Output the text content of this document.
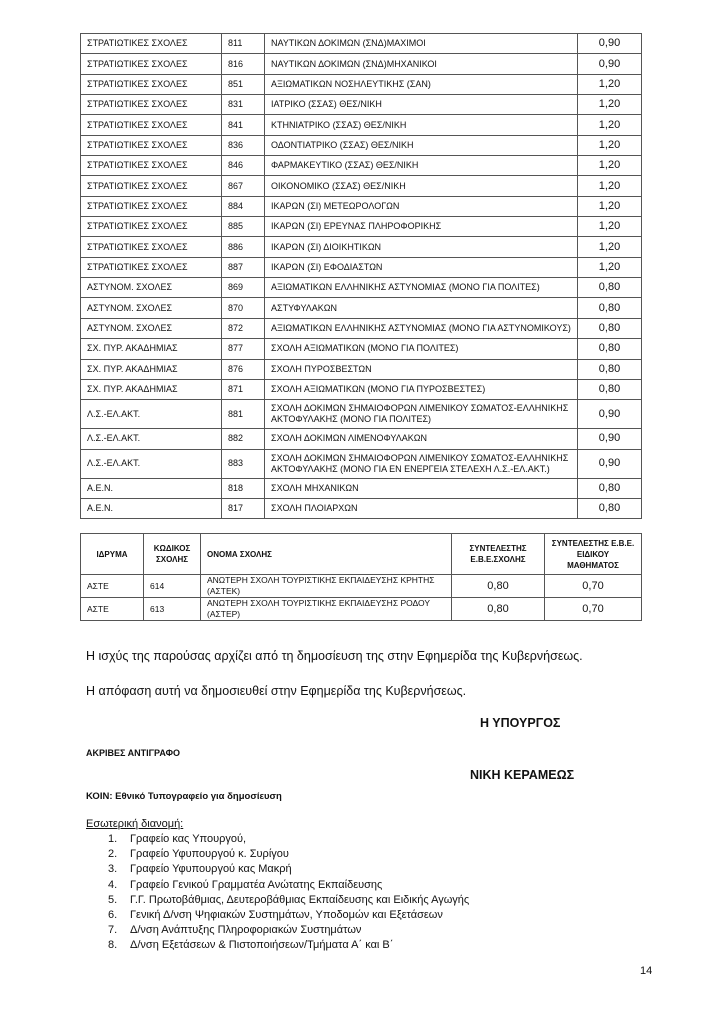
ΣΤΡΑΤΙΩΤΙΚΕΣ ΣΧΟΛΕΣ	811	ΝΑΥΤΙΚΩΝ ΔΟΚΙΜΩΝ (ΣΝΔ)ΜΑΧΙΜΟΙ	0,90
ΣΤΡΑΤΙΩΤΙΚΕΣ ΣΧΟΛΕΣ	816	ΝΑΥΤΙΚΩΝ ΔΟΚΙΜΩΝ (ΣΝΔ)ΜΗΧΑΝΙΚΟΙ	0,90
ΣΤΡΑΤΙΩΤΙΚΕΣ ΣΧΟΛΕΣ	851	ΑΞΙΩΜΑΤΙΚΩΝ ΝΟΣΗΛΕΥΤΙΚΗΣ (ΣΑΝ)	1,20
ΣΤΡΑΤΙΩΤΙΚΕΣ ΣΧΟΛΕΣ	831	ΙΑΤΡΙΚΟ (ΣΣΑΣ) ΘΕΣ/ΝΙΚΗ	1,20
ΣΤΡΑΤΙΩΤΙΚΕΣ ΣΧΟΛΕΣ	841	ΚΤΗΝΙΑΤΡΙΚΟ (ΣΣΑΣ) ΘΕΣ/ΝΙΚΗ	1,20
ΣΤΡΑΤΙΩΤΙΚΕΣ ΣΧΟΛΕΣ	836	ΟΔΟΝΤΙΑΤΡΙΚΟ (ΣΣΑΣ) ΘΕΣ/ΝΙΚΗ	1,20
ΣΤΡΑΤΙΩΤΙΚΕΣ ΣΧΟΛΕΣ	846	ΦΑΡΜΑΚΕΥΤΙΚΟ (ΣΣΑΣ) ΘΕΣ/ΝΙΚΗ	1,20
ΣΤΡΑΤΙΩΤΙΚΕΣ ΣΧΟΛΕΣ	867	ΟΙΚΟΝΟΜΙΚΟ (ΣΣΑΣ) ΘΕΣ/ΝΙΚΗ	1,20
ΣΤΡΑΤΙΩΤΙΚΕΣ ΣΧΟΛΕΣ	884	ΙΚΑΡΩΝ (ΣΙ) ΜΕΤΕΩΡΟΛΟΓΩΝ	1,20
ΣΤΡΑΤΙΩΤΙΚΕΣ ΣΧΟΛΕΣ	885	ΙΚΑΡΩΝ (ΣΙ) ΕΡΕΥΝΑΣ ΠΛΗΡΟΦΟΡΙΚΗΣ	1,20
ΣΤΡΑΤΙΩΤΙΚΕΣ ΣΧΟΛΕΣ	886	ΙΚΑΡΩΝ (ΣΙ) ΔΙΟΙΚΗΤΙΚΩΝ	1,20
ΣΤΡΑΤΙΩΤΙΚΕΣ ΣΧΟΛΕΣ	887	ΙΚΑΡΩΝ (ΣΙ) ΕΦΟΔΙΑΣΤΩΝ	1,20
ΑΣΤΥΝΟΜ. ΣΧΟΛΕΣ	869	ΑΞΙΩΜΑΤΙΚΩΝ ΕΛΛΗΝΙΚΗΣ ΑΣΤΥΝΟΜΙΑΣ (ΜΟΝΟ ΓΙΑ ΠΟΛΙΤΕΣ)	0,80
ΑΣΤΥΝΟΜ. ΣΧΟΛΕΣ	870	ΑΣΤΥΦΥΛΑΚΩΝ	0,80
ΑΣΤΥΝΟΜ. ΣΧΟΛΕΣ	872	ΑΞΙΩΜΑΤΙΚΩΝ ΕΛΛΗΝΙΚΗΣ ΑΣΤΥΝΟΜΙΑΣ (ΜΟΝΟ ΓΙΑ ΑΣΤΥΝΟΜΙΚΟΥΣ)	0,80
ΣΧ. ΠΥΡ. ΑΚΑΔΗΜΙΑΣ	877	ΣΧΟΛΗ ΑΞΙΩΜΑΤΙΚΩΝ (ΜΟΝΟ ΓΙΑ ΠΟΛΙΤΕΣ)	0,80
ΣΧ. ΠΥΡ. ΑΚΑΔΗΜΙΑΣ	876	ΣΧΟΛΗ ΠΥΡΟΣΒΕΣΤΩΝ	0,80
ΣΧ. ΠΥΡ. ΑΚΑΔΗΜΙΑΣ	871	ΣΧΟΛΗ ΑΞΙΩΜΑΤΙΚΩΝ (ΜΟΝΟ ΓΙΑ ΠΥΡΟΣΒΕΣΤΕΣ)	0,80
Λ.Σ.-ΕΛ.ΑΚΤ.	881	ΣΧΟΛΗ ΔΟΚΙΜΩΝ ΣΗΜΑΙΟΦΟΡΩΝ ΛΙΜΕΝΙΚΟΥ ΣΩΜΑΤΟΣ-ΕΛΛΗΝΙΚΗΣ ΑΚΤΟΦΥΛΑΚΗΣ (ΜΟΝΟ ΓΙΑ ΠΟΛΙΤΕΣ)	0,90
Λ.Σ.-ΕΛ.ΑΚΤ.	882	ΣΧΟΛΗ ΔΟΚΙΜΩΝ ΛΙΜΕΝΟΦΥΛΑΚΩΝ	0,90
Λ.Σ.-ΕΛ.ΑΚΤ.	883	ΣΧΟΛΗ ΔΟΚΙΜΩΝ ΣΗΜΑΙΟΦΟΡΩΝ ΛΙΜΕΝΙΚΟΥ ΣΩΜΑΤΟΣ-ΕΛΛΗΝΙΚΗΣ ΑΚΤΟΦΥΛΑΚΗΣ (ΜΟΝΟ ΓΙΑ ΕΝ ΕΝΕΡΓΕΙΑ ΣΤΕΛΕΧΗ Λ.Σ.-ΕΛ.ΑΚΤ.)	0,90
Α.Ε.Ν.	818	ΣΧΟΛΗ ΜΗΧΑΝΙΚΩΝ	0,80
Α.Ε.Ν.	817	ΣΧΟΛΗ ΠΛΟΙΑΡΧΩΝ	0,80
ΙΔΡΥΜΑ	ΚΩΔΙΚΟΣ ΣΧΟΛΗΣ	ΟΝΟΜΑ ΣΧΟΛΗΣ	ΣΥΝΤΕΛΕΣΤΗΣ Ε.Β.Ε.ΣΧΟΛΗΣ	ΣΥΝΤΕΛΕΣΤΗΣ Ε.Β.Ε. ΕΙΔΙΚΟΥ ΜΑΘΗΜΑΤΟΣ
ΑΣΤΕ	614	ΑΝΩΤΕΡΗ ΣΧΟΛΗ ΤΟΥΡΙΣΤΙΚΗΣ ΕΚΠΑΙΔΕΥΣΗΣ ΚΡΗΤΗΣ (ΑΣΤΕΚ)	0,80	0,70
ΑΣΤΕ	613	ΑΝΩΤΕΡΗ ΣΧΟΛΗ ΤΟΥΡΙΣΤΙΚΗΣ ΕΚΠΑΙΔΕΥΣΗΣ ΡΟΔΟΥ (ΑΣΤΕΡ)	0,80	0,70
Η ισχύς της παρούσας αρχίζει από τη δημοσίευση της στην Εφημερίδα της Κυβερνήσεως.
Η απόφαση αυτή να δημοσιευθεί στην Εφημερίδα της Κυβερνήσεως.
Η ΥΠΟΥΡΓΟΣ
ΑΚΡΙΒΕΣ ΑΝΤΙΓΡΑΦΟ
ΝΙΚΗ ΚΕΡΑΜΕΩΣ
ΚΟΙΝ: Εθνικό Τυπογραφείο για δημοσίευση
Εσωτερική διανομή:
1. Γραφείο κας Υπουργού,
2. Γραφείο Υφυπουργού κ. Συρίγου
3. Γραφείο Υφυπουργού κας Μακρή
4. Γραφείο Γενικού Γραμματέα Ανώτατης Εκπαίδευσης
5. Γ.Γ. Πρωτοβάθμιας, Δευτεροβάθμιας Εκπαίδευσης και Ειδικής Αγωγής
6. Γενική Δ/νση Ψηφιακών Συστημάτων, Υποδομών και Εξετάσεων
7. Δ/νση Ανάπτυξης Πληροφοριακών Συστημάτων
8. Δ/νση Εξετάσεων & Πιστοποιήσεων/Τμήματα Α΄ και Β΄
14
